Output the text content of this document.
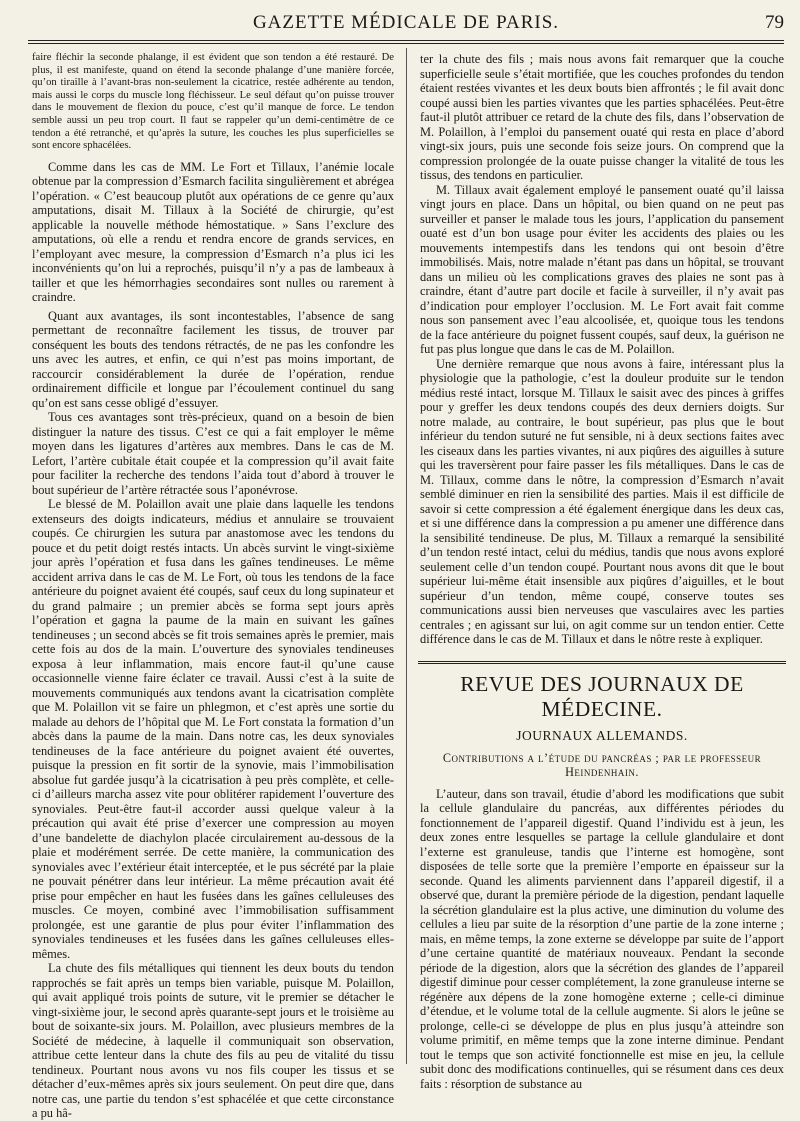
GAZETTE MÉDICALE DE PARIS.	79

faire fléchir la seconde phalange, il est évident que son tendon a été restauré. De plus, il est manifeste, quand on étend la seconde phalange d’une manière forcée, qu’on tiraille à l’avant-bras non-seulement la cicatrice, restée adhérente au tendon, mais aussi le corps du muscle long fléchisseur. Le seul défaut qu’on puisse trouver dans le mouvement de flexion du pouce, c’est qu’il manque de force. Le tendon semble aussi un peu trop court. Il faut se rappeler qu’un demi-centimètre de ce tendon a été retranché, et qu’après la suture, les couches les plus superficielles se sont encore sphacélées.

Comme dans les cas de MM. Le Fort et Tillaux, l’anémie locale obtenue par la compression d’Esmarch facilita singulièrement et abrégea l’opération. « C’est beaucoup plutôt aux opérations de ce genre qu’aux amputations, disait M. Tillaux à la Société de chirurgie, qu’est applicable la nouvelle méthode hémostatique. » Sans l’exclure des amputations, où elle a rendu et rendra encore de grands services, en l’employant avec mesure, la compression d’Esmarch n’a plus ici les inconvénients qu’on lui a reprochés, puisqu’il n’y a pas de lambeaux à tailler et que les hémorrhagies secondaires sont nulles ou rarement à craindre.

Quant aux avantages, ils sont incontestables, l’absence de sang permettant de reconnaître facilement les tissus, de trouver par conséquent les bouts des tendons rétractés, de ne pas les confondre les uns avec les autres, et enfin, ce qui n’est pas moins important, de raccourcir considérablement la durée de l’opération, rendue ordinairement difficile et longue par l’écoulement continuel du sang qu’on est sans cesse obligé d’essuyer.

Tous ces avantages sont très-précieux, quand on a besoin de bien distinguer la nature des tissus. C’est ce qui a fait employer le même moyen dans les ligatures d’artères aux membres. Dans le cas de M. Lefort, l’artère cubitale était coupée et la compression qu’il avait faite pour faciliter la recherche des tendons l’aida tout d’abord à trouver le bout supérieur de l’artère rétractée sous l’aponévrose.

Le blessé de M. Polaillon avait une plaie dans laquelle les tendons extenseurs des doigts indicateurs, médius et annulaire se trouvaient coupés. Ce chirurgien les sutura par anastomose avec les tendons du pouce et du petit doigt restés intacts. Un abcès survint le vingt-sixième jour après l’opération et fusa dans les gaînes tendineuses. Le même accident arriva dans le cas de M. Le Fort, où tous les tendons de la face antérieure du poignet avaient été coupés, sauf ceux du long supinateur et du grand palmaire ; un premier abcès se forma sept jours après l’opération et gagna la paume de la main en suivant les gaînes tendineuses ; un second abcès se fit trois semaines après le premier, mais cette fois au dos de la main. L’ouverture des synoviales tendineuses exposa à leur inflammation, mais encore faut-il qu’une cause occasionnelle vienne faire éclater ce travail. Aussi c’est à la suite de mouvements communiqués aux tendons avant la cicatrisation complète que M. Polaillon vit se faire un phlegmon, et c’est après une sortie du malade au dehors de l’hôpital que M. Le Fort constata la formation d’un abcès dans la paume de la main. Dans notre cas, les deux synoviales tendineuses de la face antérieure du poignet avaient été ouvertes, puisque la pression en fit sortir de la synovie, mais l’immobilisation absolue fut gardée jusqu’à la cicatrisation à peu près complète, et celle-ci d’ailleurs marcha assez vite pour oblitérer rapidement l’ouverture des synoviales. Peut-être faut-il accorder aussi quelque valeur à la précaution qui avait été prise d’exercer une compression au moyen d’une bandelette de diachylon placée circulairement au-dessous de la plaie et modérément serrée. De cette manière, la communication des synoviales avec l’extérieur était interceptée, et le pus sécrété par la plaie ne pouvait pénétrer dans leur intérieur. La même précaution avait été prise pour empêcher en haut les fusées dans les gaînes celluleuses des muscles. Ce moyen, combiné avec l’immobilisation suffisamment prolongée, est une garantie de plus pour éviter l’inflammation des synoviales tendineuses et les fusées dans les gaînes celluleuses elles-mêmes.

La chute des fils métalliques qui tiennent les deux bouts du tendon rapprochés se fait après un temps bien variable, puisque M. Polaillon, qui avait appliqué trois points de suture, vit le premier se détacher le vingt-sixième jour, le second après quarante-sept jours et le troisième au bout de soixante-six jours. M. Polaillon, avec plusieurs membres de la Société de médecine, à laquelle il communiquait son observation, attribue cette lenteur dans la chute des fils au peu de vitalité du tissu tendineux. Pourtant nous avons vu nos fils couper les tissus et se détacher d’eux-mêmes après six jours seulement. On peut dire que, dans notre cas, une partie du tendon s’est sphacélée et que cette circonstance a pu hâ-

ter la chute des fils ; mais nous avons fait remarquer que la couche superficielle seule s’était mortifiée, que les couches profondes du tendon étaient restées vivantes et les deux bouts bien affrontés ; le fil avait donc coupé aussi bien les parties vivantes que les parties sphacélées. Peut-être faut-il plutôt attribuer ce retard de la chute des fils, dans l’observation de M. Polaillon, à l’emploi du pansement ouaté qui resta en place d’abord vingt-six jours, puis une seconde fois seize jours. On comprend que la compression prolongée de la ouate puisse changer la vitalité de tous les tissus, des tendons en particulier.

M. Tillaux avait également employé le pansement ouaté qu’il laissa vingt jours en place. Dans un hôpital, ou bien quand on ne peut pas surveiller et panser le malade tous les jours, l’application du pansement ouaté est d’un bon usage pour éviter les accidents des plaies ou les mouvements intempestifs dans les tendons qui ont besoin d’être immobilisés. Mais, notre malade n’étant pas dans un hôpital, se trouvant dans un milieu où les complications graves des plaies ne sont pas à craindre, étant d’autre part docile et facile à surveiller, il n’y avait pas d’indication pour employer l’occlusion. M. Le Fort avait fait comme nous son pansement avec l’eau alcoolisée, et, quoique tous les tendons de la face antérieure du poignet fussent coupés, sauf deux, la guérison ne fut pas plus longue que dans le cas de M. Polaillon.

Une dernière remarque que nous avons à faire, intéressant plus la physiologie que la pathologie, c’est la douleur produite sur le tendon médius resté intact, lorsque M. Tillaux le saisit avec des pinces à griffes pour y greffer les deux tendons coupés des deux derniers doigts. Sur notre malade, au contraire, le bout supérieur, pas plus que le bout inférieur du tendon suturé ne fut sensible, ni à deux sections faites avec les ciseaux dans les parties vivantes, ni aux piqûres des aiguilles à suture qui les traversèrent pour faire passer les fils métalliques. Dans le cas de M. Tillaux, comme dans le nôtre, la compression d’Esmarch n’avait semblé diminuer en rien la sensibilité des parties. Mais il est difficile de savoir si cette compression a été également énergique dans les deux cas, et si une différence dans la compression a pu amener une différence dans la sensibilité tendineuse. De plus, M. Tillaux a remarqué la sensibilité d’un tendon resté intact, celui du médius, tandis que nous avons exploré seulement celle d’un tendon coupé. Pourtant nous avons dit que le bout supérieur lui-même était insensible aux piqûres d’aiguilles, et le bout supérieur d’un tendon, même coupé, conserve toutes ses communications aussi bien nerveuses que vasculaires avec les parties centrales ; en agissant sur lui, on agit comme sur un tendon entier. Cette différence dans le cas de M. Tillaux et dans le nôtre reste à expliquer.

REVUE DES JOURNAUX DE MÉDECINE.
JOURNAUX ALLEMANDS.
Contributions a l’étude du pancréas ; par le professeur
Heindenhain.

L’auteur, dans son travail, étudie d’abord les modifications que subit la cellule glandulaire du pancréas, aux différentes périodes du fonctionnement de l’appareil digestif. Quand l’individu est à jeun, les deux zones entre lesquelles se partage la cellule glandulaire et dont l’externe est granuleuse, tandis que l’interne est homogène, sont disposées de telle sorte que la première l’emporte en épaisseur sur la seconde. Quand les aliments parviennent dans l’appareil digestif, il a observé que, durant la première période de la digestion, pendant laquelle la sécrétion glandulaire est la plus active, une diminution du volume des cellules a lieu par suite de la résorption d’une partie de la zone interne ; mais, en même temps, la zone externe se développe par suite de l’apport d’une certaine quantité de matériaux nouveaux. Pendant la seconde période de la digestion, alors que la sécrétion des glandes de l’appareil digestif diminue pour cesser complétement, la zone granuleuse interne se régénère aux dépens de la zone homogène externe ; celle-ci diminue d’étendue, et le volume total de la cellule augmente. Si alors le jeûne se prolonge, celle-ci se développe de plus en plus jusqu’à atteindre son volume primitif, en même temps que la zone interne diminue. Pendant tout le temps que son activité fonctionnelle est mise en jeu, la cellule subit donc des modifications continuelles, qui se résument dans ces deux faits : résorption de substance au
